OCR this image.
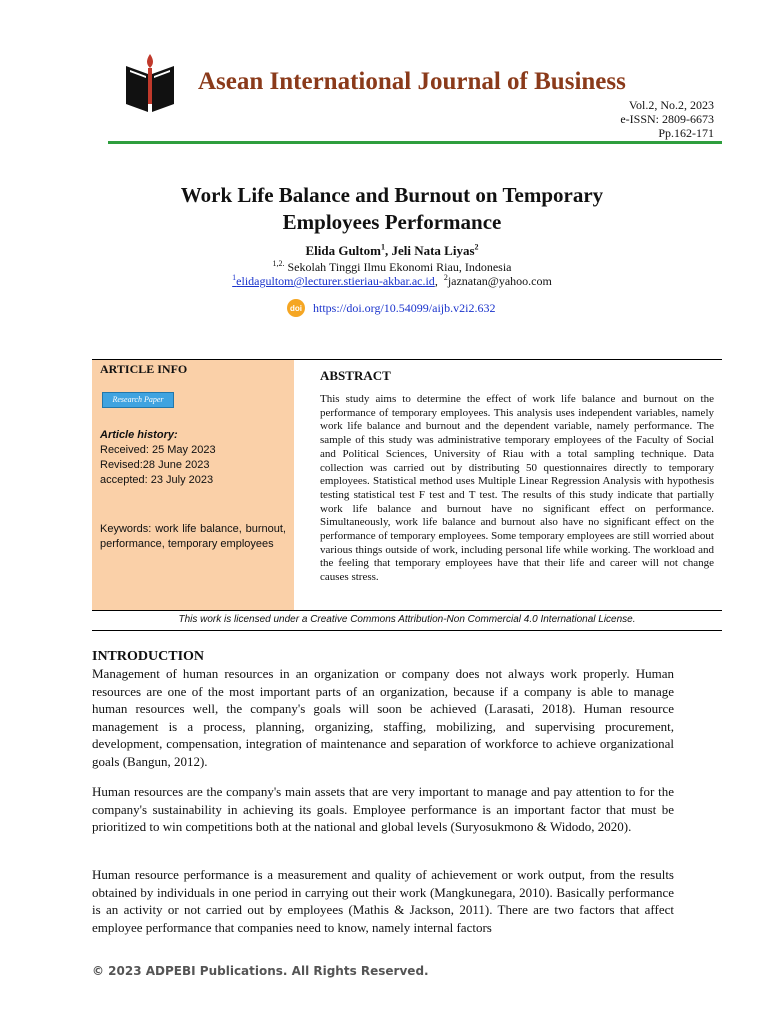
Asean International Journal of Business
Vol.2, No.2, 2023
e-ISSN: 2809-6673
Pp.162-171
Work Life Balance and Burnout on Temporary
Employees Performance
Elida Gultom$^1$, Jeli Nata Liyas$^2$
$^{1,2.}$ Sekolah Tinggi Ilmu Ekonomi Riau, Indonesia
$^1$elidagultom@lecturer.stieriau-akbar.ac.id,  $^2$jaznatan@yahoo.com
doi https://doi.org/10.54099/aijb.v2i2.632
ARTICLE INFO
Research Paper
Article history:
Received: 25 May 2023
Revised:28 June 2023
accepted: 23 July 2023
Keywords: work life balance, burnout, performance, temporary employees
ABSTRACT
This study aims to determine the effect of work life balance and burnout on the performance of temporary employees. This analysis uses independent variables, namely work life balance and burnout and the dependent variable, namely performance. The sample of this study was administrative temporary employees of the Faculty of Social and Political Sciences, University of Riau with a total sampling technique. Data collection was carried out by distributing 50 questionnaires directly to temporary employees. Statistical method uses Multiple Linear Regression Analysis with hypothesis testing statistical test F test and T test. The results of this study indicate that partially work life balance and burnout have no significant effect on performance. Simultaneously, work life balance and burnout also have no significant effect on the performance of temporary employees. Some temporary employees are still worried about various things outside of work, including personal life while working. The workload and the feeling that temporary employees have that their life and career will not change causes stress.
This work is licensed under a Creative Commons Attribution-Non Commercial 4.0 International License.
INTRODUCTION
Management of human resources in an organization or company does not always work properly. Human resources are one of the most important parts of an organization, because if a company is able to manage human resources well, the company's goals will soon be achieved (Larasati, 2018). Human resource management is a process, planning, organizing, staffing, mobilizing, and supervising procurement, development, compensation, integration of maintenance and separation of workforce to achieve organizational goals (Bangun, 2012).
Human resources are the company's main assets that are very important to manage and pay attention to for the company's sustainability in achieving its goals. Employee performance is an important factor that must be prioritized to win competitions both at the national and global levels (Suryosukmono & Widodo, 2020).
Human resource performance is a measurement and quality of achievement or work output, from the results obtained by individuals in one period in carrying out their work (Mangkunegara, 2010). Basically performance is an activity or not carried out by employees (Mathis & Jackson, 2011). There are two factors that affect employee performance that companies need to know, namely internal factors
© 2023 ADPEBI Publications. All Rights Reserved.
